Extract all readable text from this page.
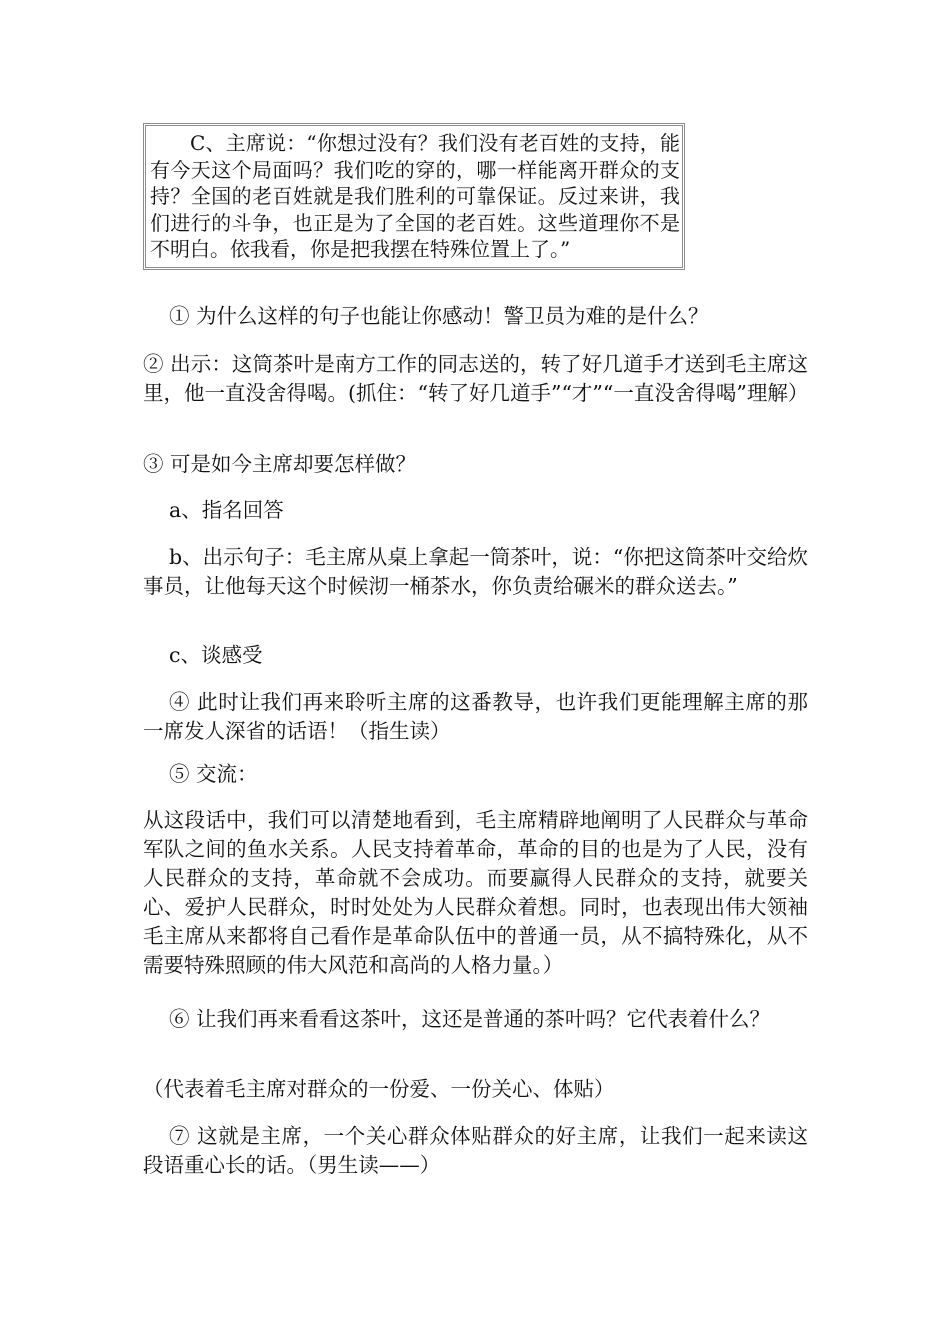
C、主席说：“你想过没有？我们没有老百姓的支持，能有今天这个局面吗？我们吃的穿的，哪一样能离开群众的支持？全国的老百姓就是我们胜利的可靠保证。反过来讲，我们进行的斗争，也正是为了全国的老百姓。这些道理你不是不明白。依我看，你是把我摆在特殊位置上了。”

① 为什么这样的句子也能让你感动！警卫员为难的是什么？

② 出示：这筒茶叶是南方工作的同志送的，转了好几道手才送到毛主席这里，他一直没舍得喝。(抓住：“转了好几道手”“才”“一直没舍得喝”理解）

③ 可是如今主席却要怎样做？

a、指名回答

b、出示句子：毛主席从桌上拿起一筒茶叶，说：“你把这筒茶叶交给炊事员，让他每天这个时候沏一桶茶水，你负责给碾米的群众送去。”

c、谈感受

④ 此时让我们再来聆听主席的这番教导，也许我们更能理解主席的那一席发人深省的话语！（指生读）

⑤ 交流：

从这段话中，我们可以清楚地看到，毛主席精辟地阐明了人民群众与革命军队之间的鱼水关系。人民支持着革命，革命的目的也是为了人民，没有人民群众的支持，革命就不会成功。而要赢得人民群众的支持，就要关心、爱护人民群众，时时处处为人民群众着想。同时，也表现出伟大领袖毛主席从来都将自己看作是革命队伍中的普通一员，从不搞特殊化，从不需要特殊照顾的伟大风范和高尚的人格力量。）

⑥ 让我们再来看看这茶叶，这还是普通的茶叶吗？它代表着什么？

（代表着毛主席对群众的一份爱、一份关心、体贴）

⑦ 这就是主席，一个关心群众体贴群众的好主席，让我们一起来读这段语重心长的话。（男生读——）
